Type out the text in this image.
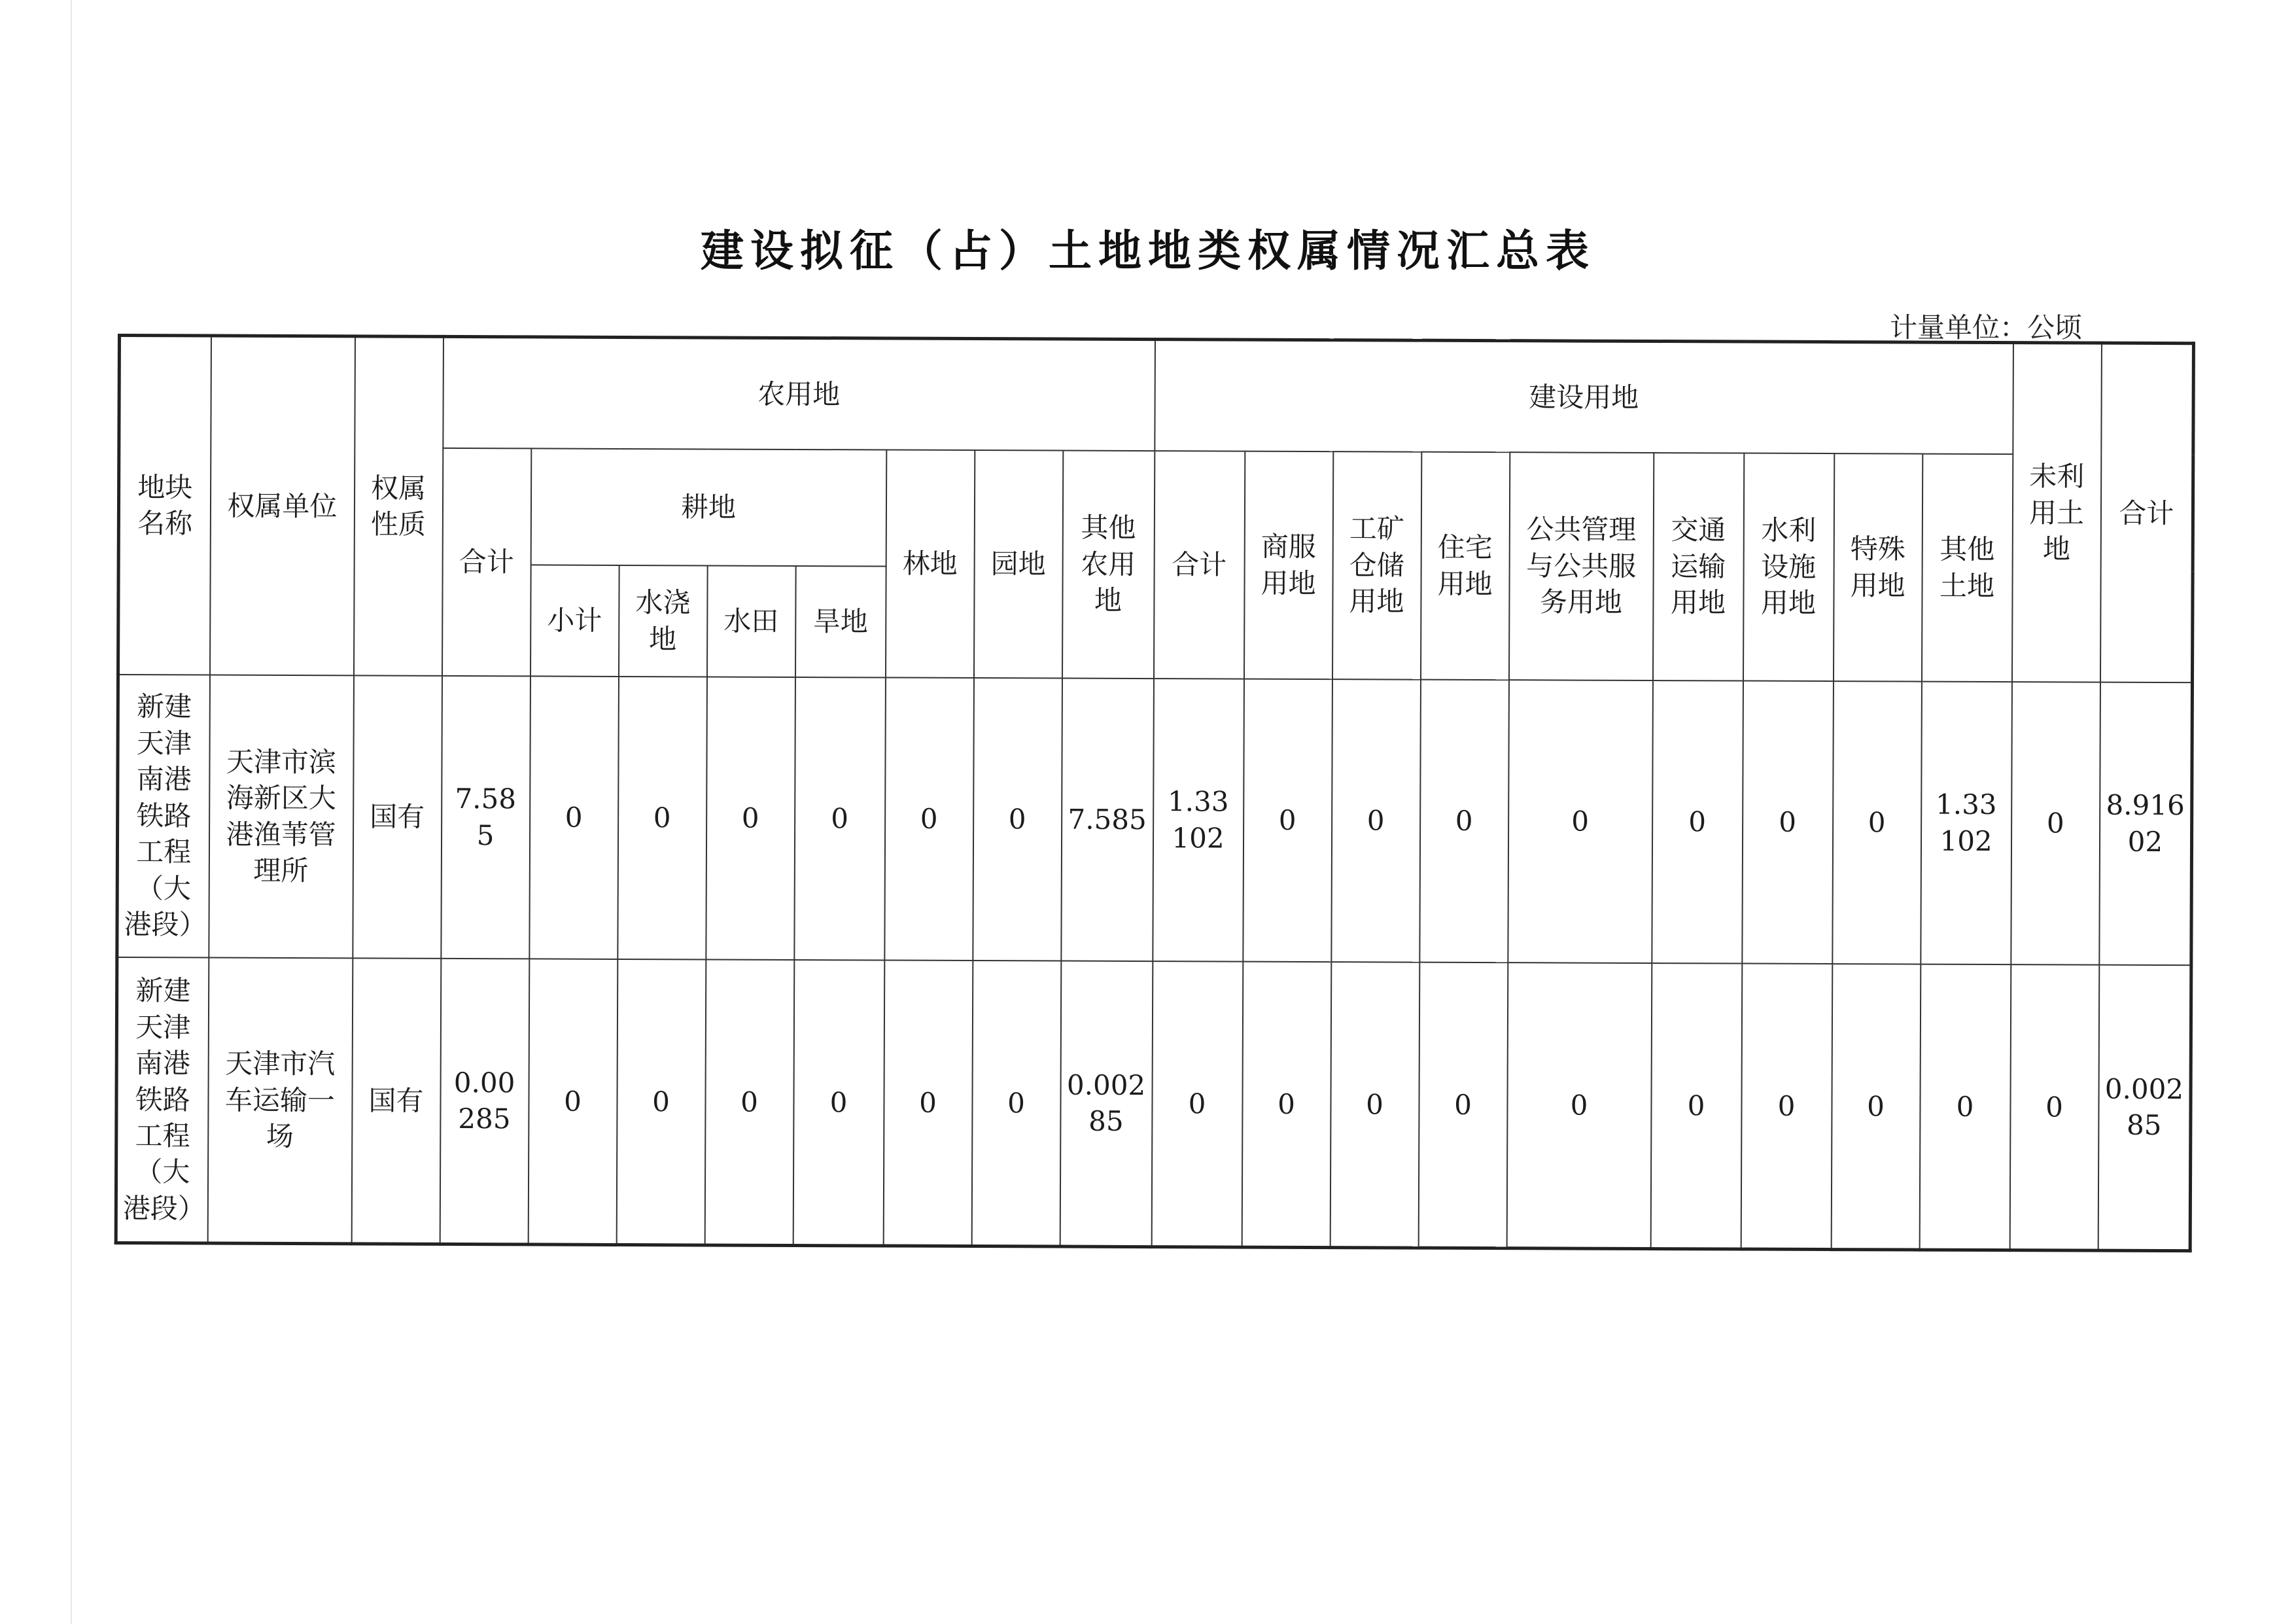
建设拟征（占）土地地类权属情况汇总表
计量单位：公顷
地块名称	权属单位	权属性质	农用地								建设用地									未利用土地	合计
			合计	耕地				林地	园地	其他农用地	合计	商服用地	工矿仓储用地	住宅用地	公共管理与公共服务用地	交通运输用地	水利设施用地	特殊用地	其他土地		
				小计	水浇地	水田	旱地														
新建天津南港铁路工程（大港段）	天津市滨海新区大港渔苇管理所	国有	7.585	0	0	0	0	0	0	7.585	1.33102	0	0	0	0	0	0	0	1.33102	0	8.91602
新建天津南港铁路工程（大港段）	天津市汽车运输一场	国有	0.00285	0	0	0	0	0	0	0.00285	0	0	0	0	0	0	0	0	0	0	0.00285
